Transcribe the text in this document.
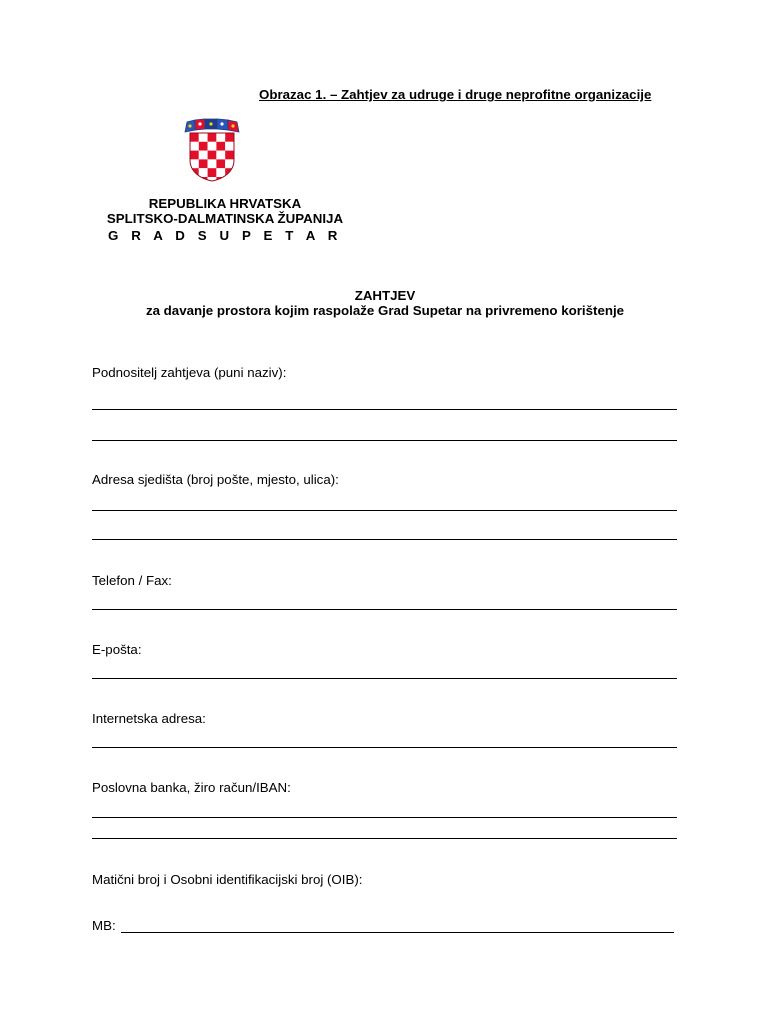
Obrazac 1. – Zahtjev za udruge i druge neprofitne organizacije
REPUBLIKA HRVATSKA
SPLITSKO-DALMATINSKA ŽUPANIJA
G R A D S U P E T A R
ZAHTJEV
za davanje prostora kojim raspolaže Grad Supetar na privremeno korištenje
Podnositelj zahtjeva (puni naziv):
Adresa sjedišta (broj pošte, mjesto, ulica):
Telefon / Fax:
E-pošta:
Internetska adresa:
Poslovna banka, žiro račun/IBAN:
Matični broj i Osobni identifikacijski broj (OIB):
MB:
